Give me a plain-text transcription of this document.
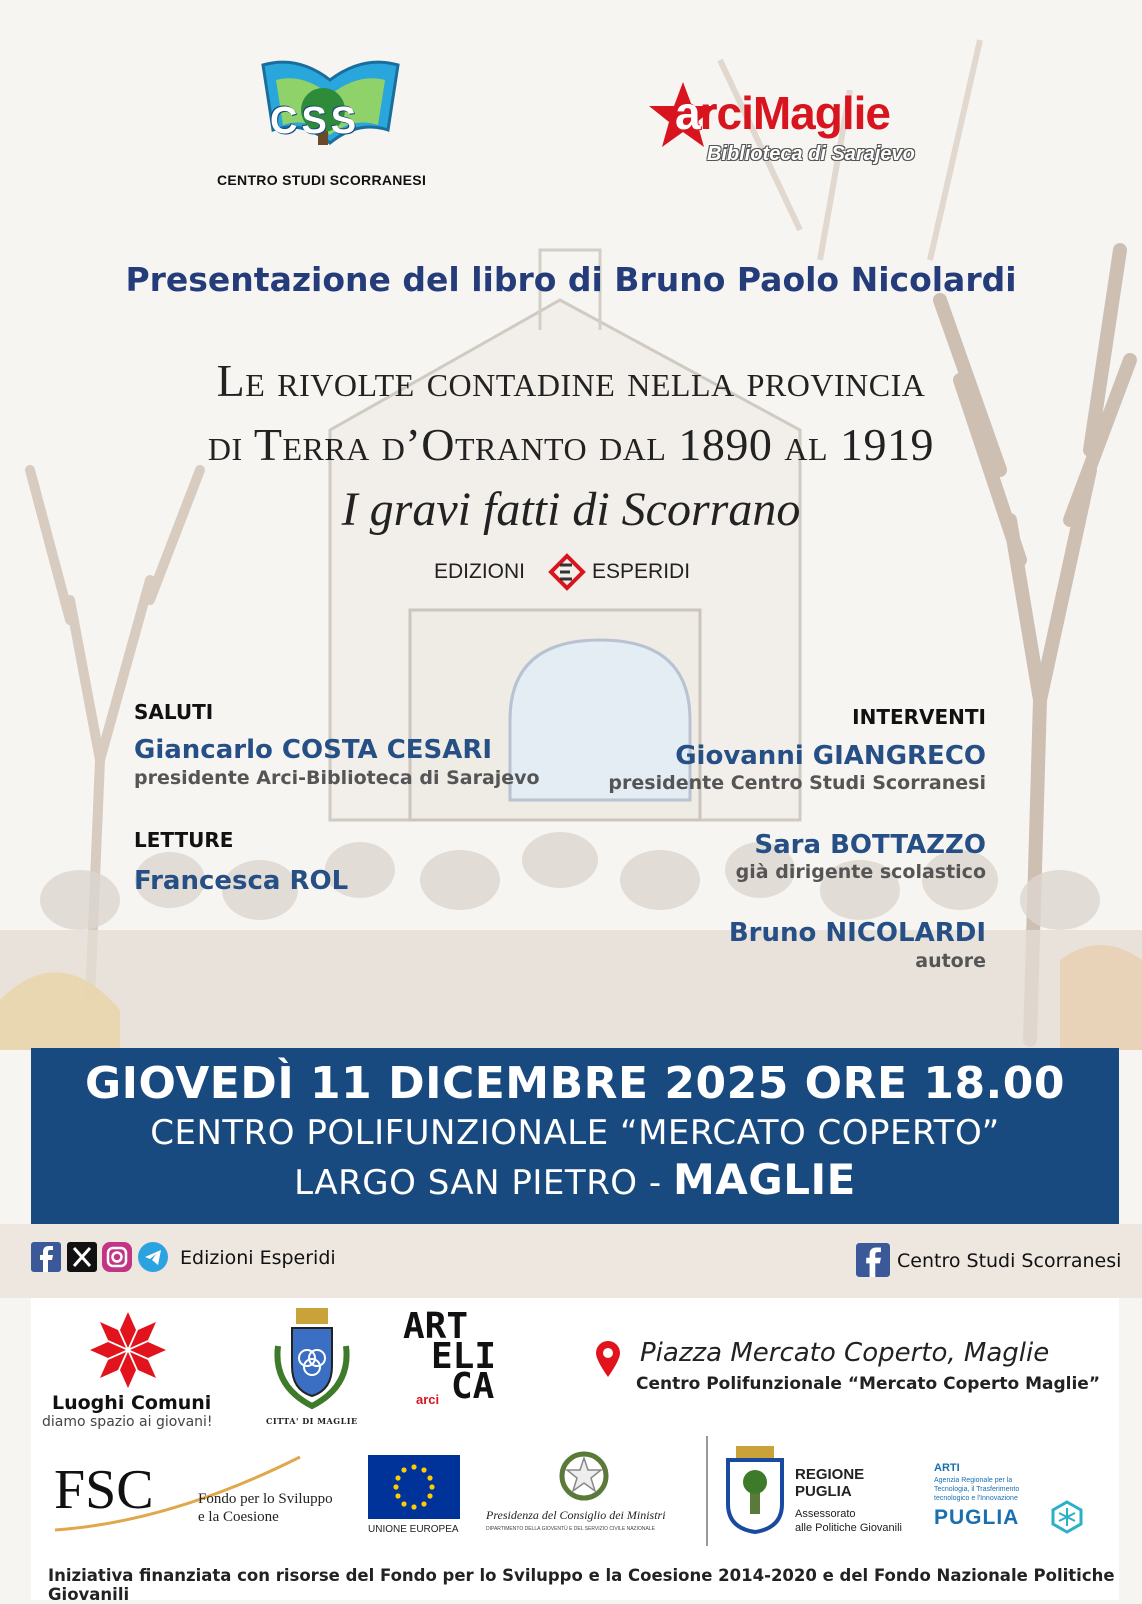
CSS
CENTRO STUDI SCORRANESI
arciMaglie
Biblioteca di Sarajevo
Presentazione del libro di Bruno Paolo Nicolardi
Le rivolte contadine nella provincia
di Terra d’Otranto dal 1890 al 1919
I gravi fatti di Scorrano
EDIZIONI	ESPERIDI
SALUTI
Giancarlo COSTA CESARI
presidente Arci-Biblioteca di Sarajevo
LETTURE
Francesca ROL
INTERVENTI
Giovanni GIANGRECO
presidente Centro Studi Scorranesi
Sara BOTTAZZO
già dirigente scolastico
Bruno NICOLARDI
autore
GIOVEDÌ 11 DICEMBRE 2025 ORE 18.00
CENTRO POLIFUNZIONALE “MERCATO COPERTO”
LARGO SAN PIETRO - MAGLIE
Edizioni Esperidi	Centro Studi Scorranesi
Luoghi Comuni
diamo spazio ai giovani!	CITTA' DI MAGLIE
ART
ELI
CA
arci
Piazza Mercato Coperto, Maglie
Centro Polifunzionale “Mercato Coperto Maglie”
FSC	Fondo per lo Sviluppo
e la Coesione
UNIONE EUROPEA
Presidenza del Consiglio dei Ministri
DIPARTIMENTO DELLA GIOVENTÙ E DEL SERVIZIO CIVILE NAZIONALE
REGIONE
PUGLIA
Assessorato
alle Politiche Giovanili
ARTI
Agenzia Regionale per la
Tecnologia, il Trasferimento
tecnologico e l'Innovazione
PUGLIA
Iniziativa finanziata con risorse del Fondo per lo Sviluppo e la Coesione 2014-2020 e del Fondo Nazionale Politiche Giovanili
